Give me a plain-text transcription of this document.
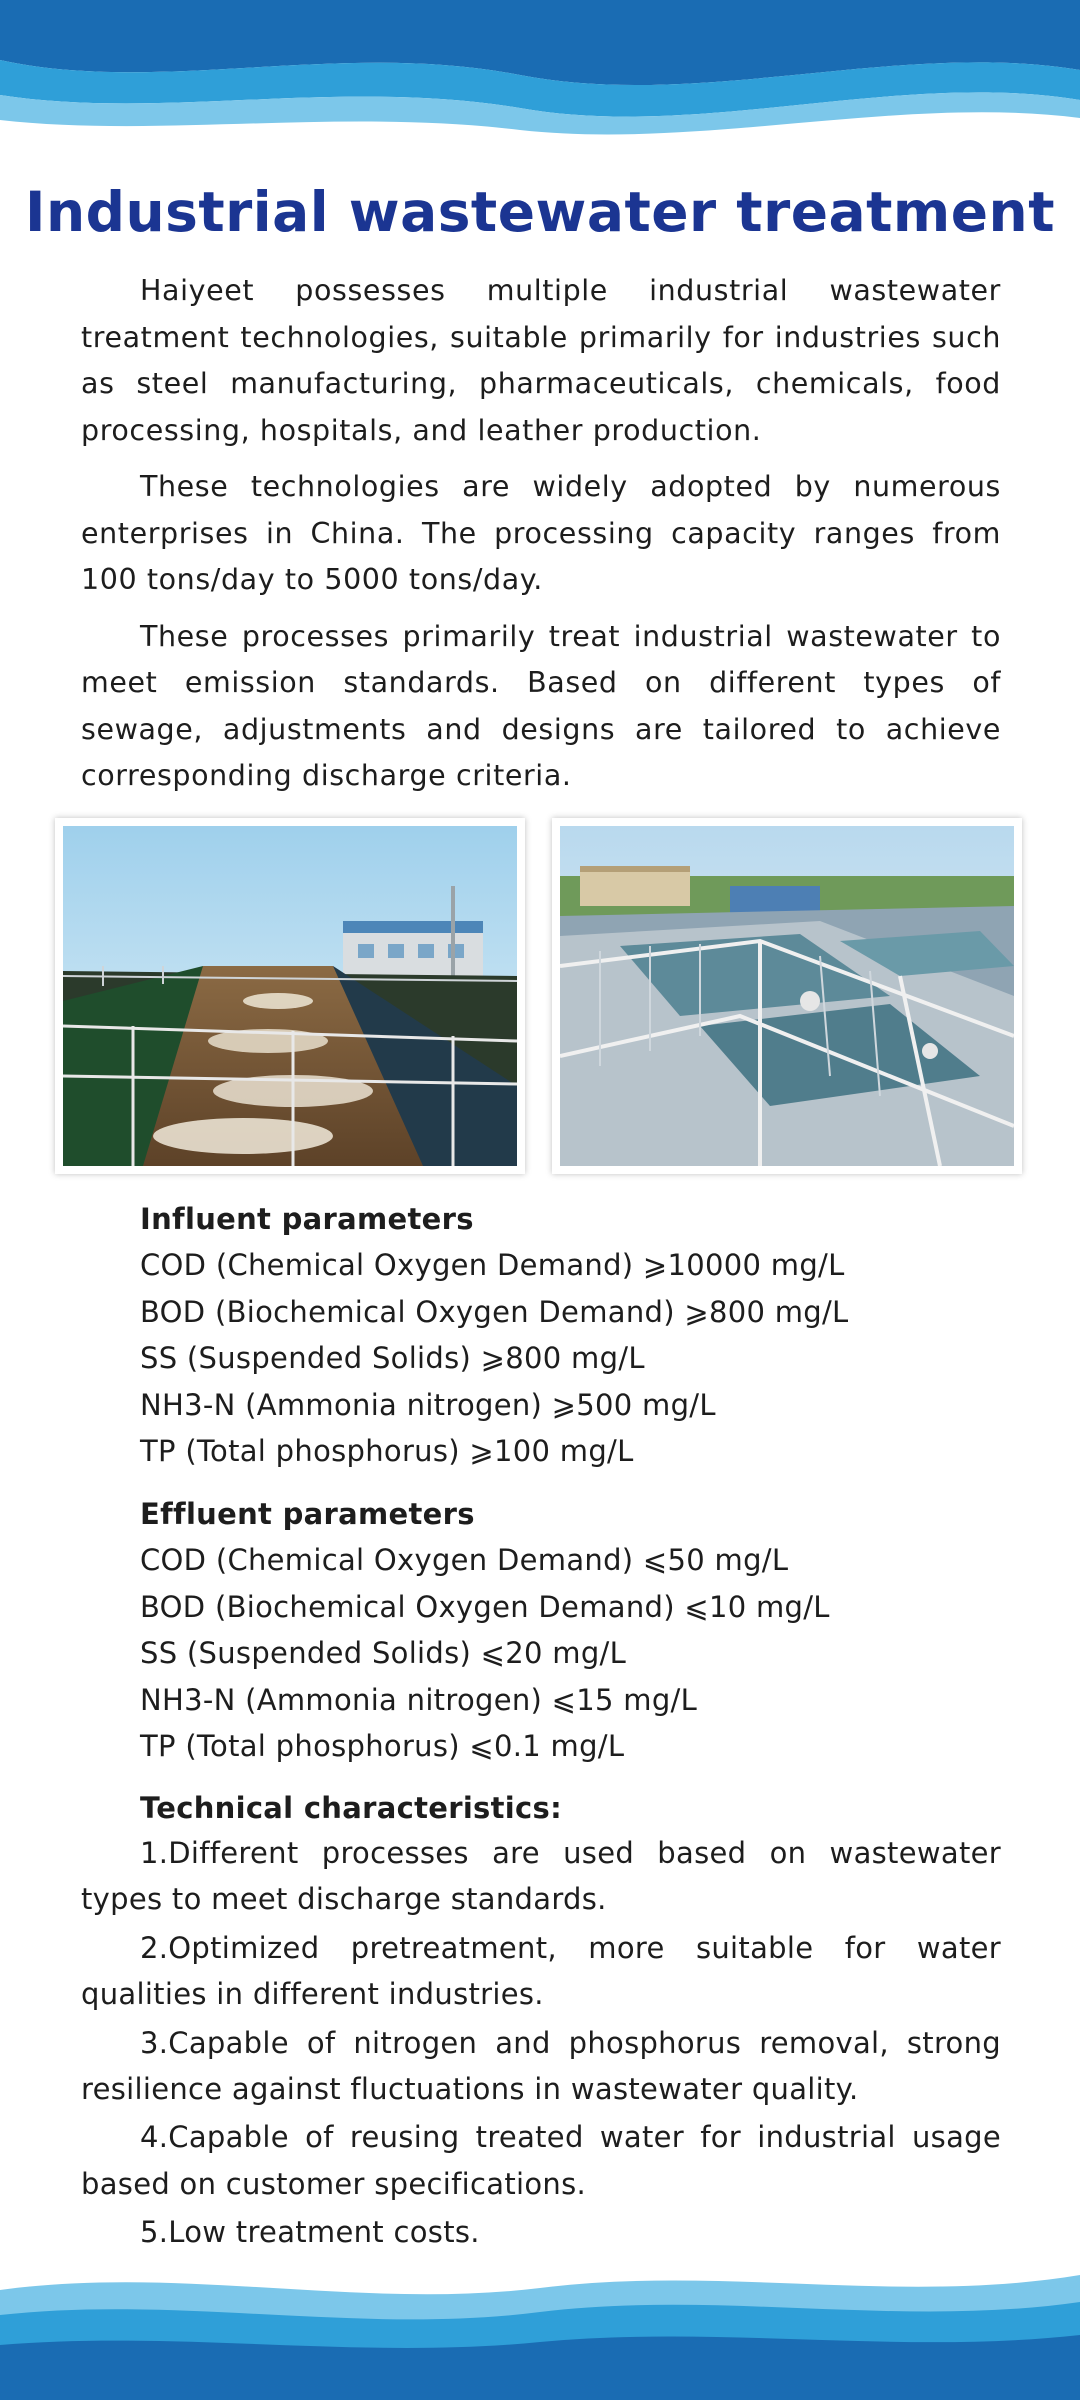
Industrial wastewater treatment

Haiyeet possesses multiple industrial wastewater treatment technologies, suitable primarily for industries such as steel manufacturing, pharmaceuticals, chemicals, food processing, hospitals, and leather production.

These technologies are widely adopted by numerous enterprises in China. The processing capacity ranges from 100 tons/day to 5000 tons/day.

These processes primarily treat industrial wastewater to meet emission standards. Based on different types of sewage, adjustments and designs are tailored to achieve corresponding discharge criteria.

Influent parameters
COD (Chemical Oxygen Demand) ⩾10000 mg/L
BOD (Biochemical Oxygen Demand) ⩾800 mg/L
SS (Suspended Solids) ⩾800 mg/L
NH3-N (Ammonia nitrogen) ⩾500 mg/L
TP (Total phosphorus) ⩾100 mg/L
Effluent parameters
COD (Chemical Oxygen Demand) ⩽50 mg/L
BOD (Biochemical Oxygen Demand) ⩽10 mg/L
SS (Suspended Solids) ⩽20 mg/L
NH3-N (Ammonia nitrogen) ⩽15 mg/L
TP (Total phosphorus) ⩽0.1 mg/L
Technical characteristics:
1.Different processes are used based on wastewater types to meet discharge standards.
2.Optimized pretreatment, more suitable for water qualities in different industries.
3.Capable of nitrogen and phosphorus removal, strong resilience against fluctuations in wastewater quality.
4.Capable of reusing treated water for industrial usage based on customer specifications.
5.Low treatment costs.
